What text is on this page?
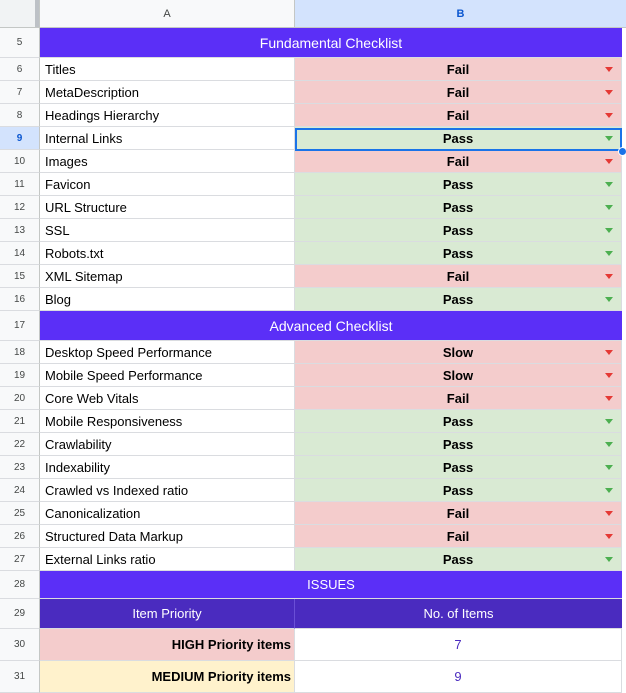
A	B
5	Fundamental Checklist
6	Titles	Fail
7	MetaDescription	Fail
8	Headings Hierarchy	Fail
9	Internal Links	Pass
10	Images	Fail
11	Favicon	Pass
12	URL Structure	Pass
13	SSL	Pass
14	Robots.txt	Pass
15	XML Sitemap	Fail
16	Blog	Pass
17	Advanced Checklist
18	Desktop Speed Performance	Slow
19	Mobile Speed Performance	Slow
20	Core Web Vitals	Fail
21	Mobile Responsiveness	Pass
22	Crawlability	Pass
23	Indexability	Pass
24	Crawled vs Indexed ratio	Pass
25	Canonicalization	Fail
26	Structured Data Markup	Fail
27	External Links ratio	Pass
28	ISSUES
29	Item Priority	No. of Items
30	HIGH Priority items	7
31	MEDIUM Priority items	9
